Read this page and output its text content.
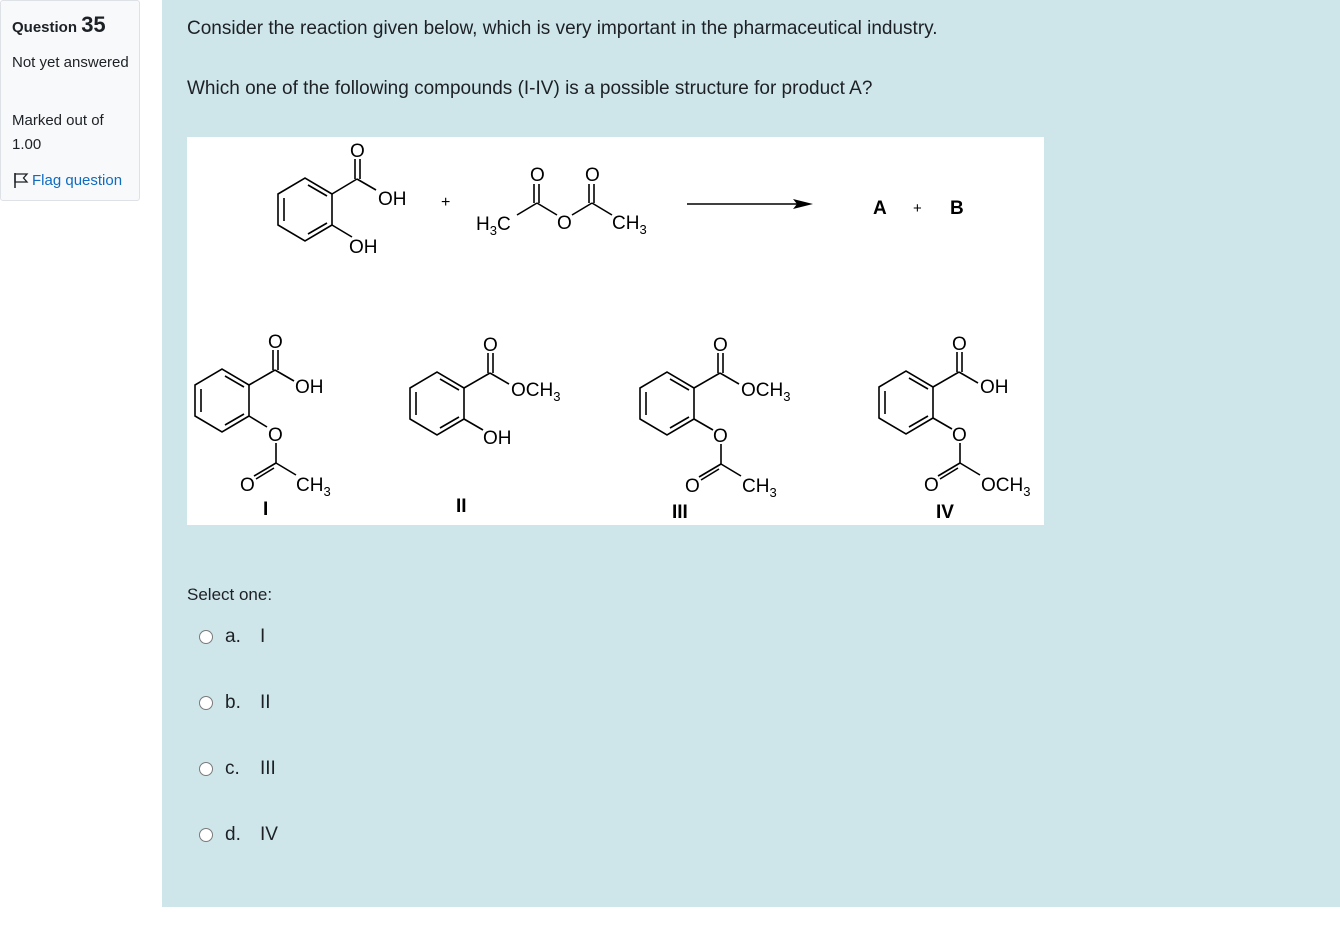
Question 35
Not yet answered
Marked out of 1.00
Flag question
Consider the reaction given below, which is very important in the pharmaceutical industry.
Which one of the following compounds (I-IV) is a possible structure for product A?
O
OH
OH
+
O O
O
$H_3C$	$CH_3$
A + B
O
OH
O
O $CH_3$
I
O
$OCH_3$
OH
II
O
$OCH_3$
O
O $CH_3$
III
O
OH
O
O $OCH_3$
IV
Select one:
a.	I
b.	II
c.	III
d.	IV
